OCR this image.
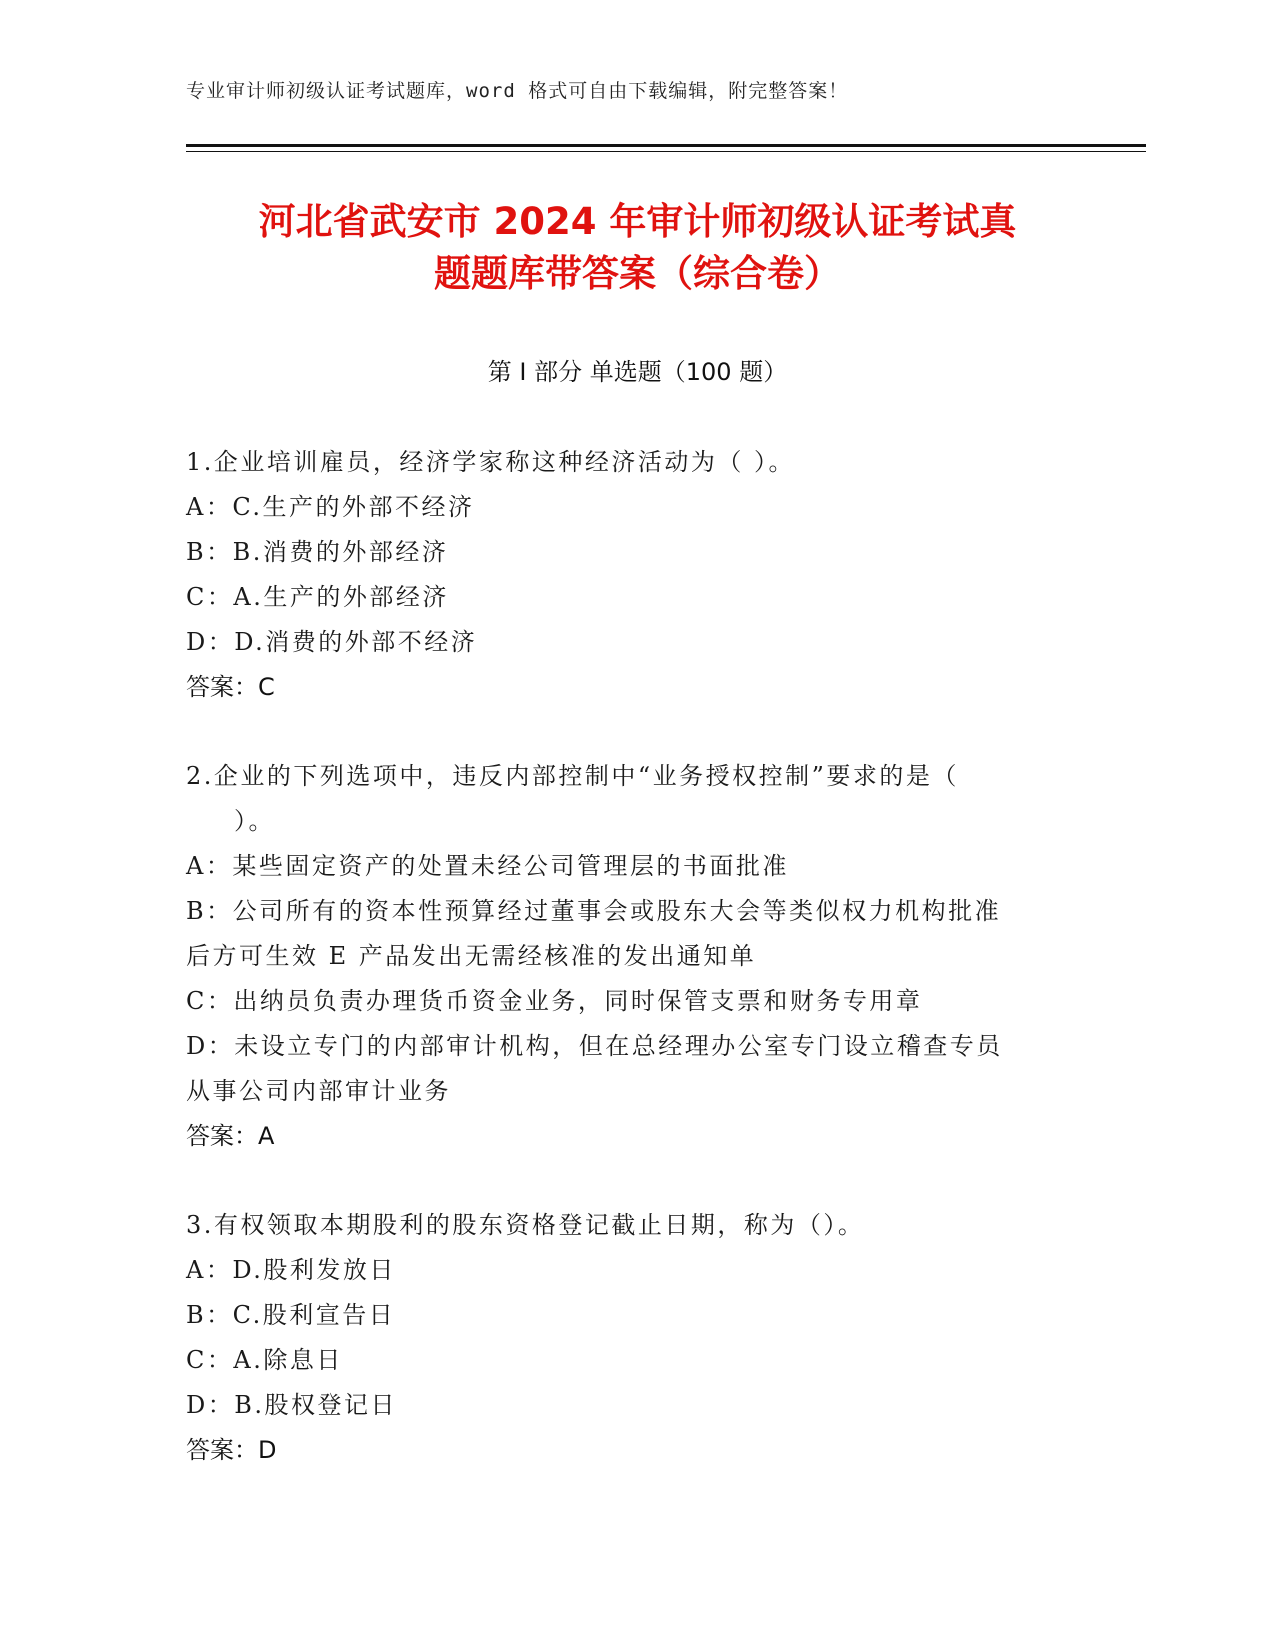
专业审计师初级认证考试题库，word 格式可自由下载编辑，附完整答案！
河北省武安市 2024 年审计师初级认证考试真
题题库带答案（综合卷）
第 I 部分 单选题（100 题）
1.企业培训雇员，经济学家称这种经济活动为（ ）。
A：C.生产的外部不经济
B：B.消费的外部经济
C：A.生产的外部经济
D：D.消费的外部不经济
答案：C
2.企业的下列选项中，违反内部控制中“业务授权控制”要求的是（
）。
A：某些固定资产的处置未经公司管理层的书面批准
B：公司所有的资本性预算经过董事会或股东大会等类似权力机构批准
后方可生效 E 产品发出无需经核准的发出通知单
C：出纳员负责办理货币资金业务，同时保管支票和财务专用章
D：未设立专门的内部审计机构，但在总经理办公室专门设立稽查专员
从事公司内部审计业务
答案：A
3.有权领取本期股利的股东资格登记截止日期，称为（）。
A：D.股利发放日
B：C.股利宣告日
C：A.除息日
D：B.股权登记日
答案：D
